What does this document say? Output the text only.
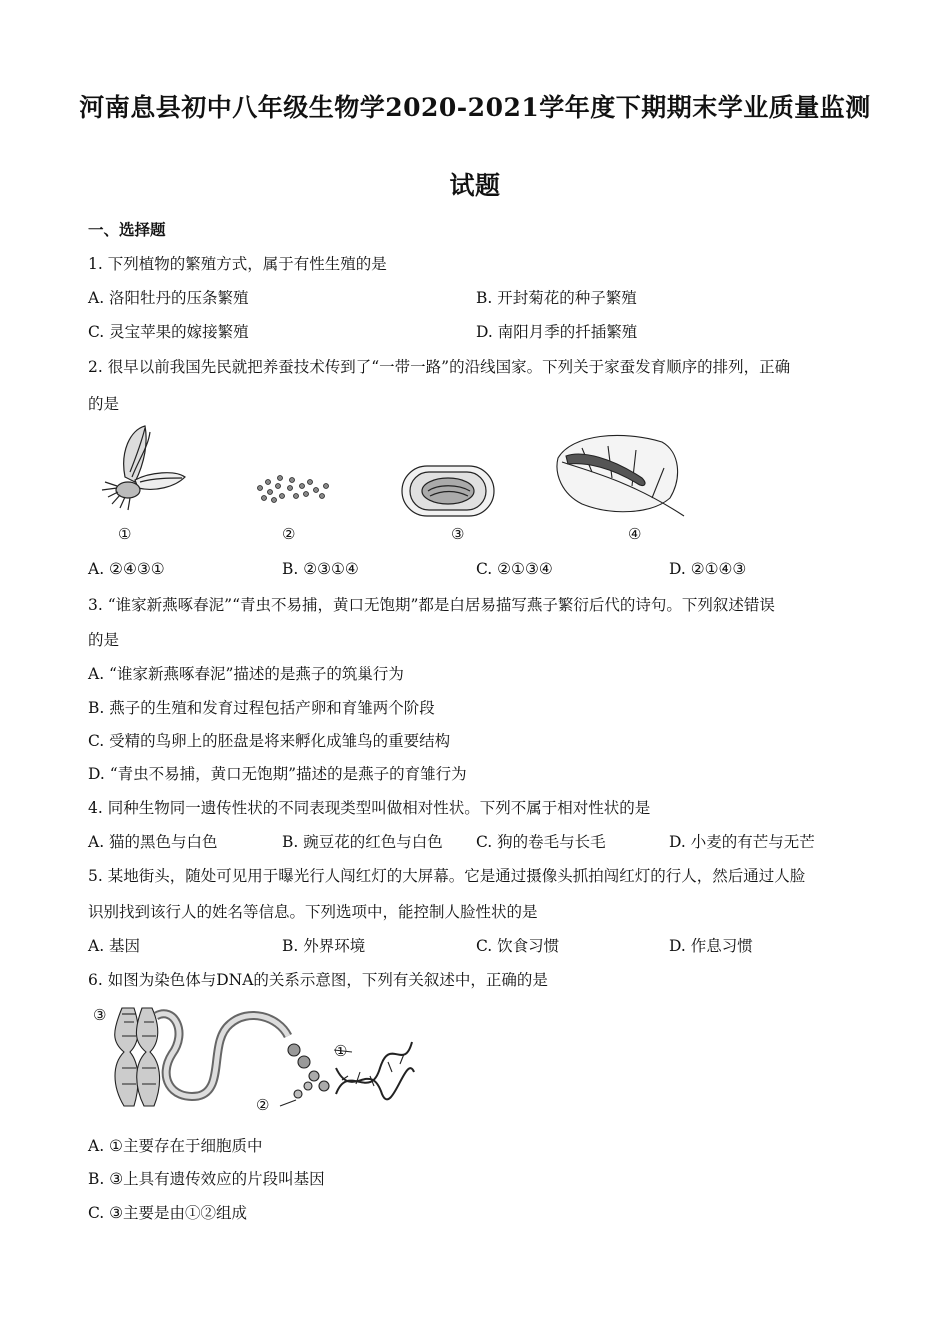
河南息县初中八年级生物学2020-2021学年度下期期末学业质量监测
试题
一、选择题
1. 下列植物的繁殖方式，属于有性生殖的是
A. 洛阳牡丹的压条繁殖	B. 开封菊花的种子繁殖
C. 灵宝苹果的嫁接繁殖	D. 南阳月季的扦插繁殖
2. 很早以前我国先民就把养蚕技术传到了“一带一路”的沿线国家。下列关于家蚕发育顺序的排列，正确
的是
①	②	③	④
A. ②④③①	B. ②③①④	C. ②①③④	D. ②①④③
3. “谁家新燕啄春泥”“青虫不易捕，黄口无饱期”都是白居易描写燕子繁衍后代的诗句。下列叙述错误
的是
A. “谁家新燕啄春泥”描述的是燕子的筑巢行为
B. 燕子的生殖和发育过程包括产卵和育雏两个阶段
C. 受精的鸟卵上的胚盘是将来孵化成雏鸟的重要结构
D. “青虫不易捕，黄口无饱期”描述的是燕子的育雏行为
4. 同种生物同一遗传性状的不同表现类型叫做相对性状。下列不属于相对性状的是
A. 猫的黑色与白色	B. 豌豆花的红色与白色 C. 狗的卷毛与长毛	D. 小麦的有芒与无芒
5. 某地街头，随处可见用于曝光行人闯红灯的大屏幕。它是通过摄像头抓拍闯红灯的行人，然后通过人脸
识别找到该行人的姓名等信息。下列选项中，能控制人脸性状的是
A. 基因	B. 外界环境	C. 饮食习惯	D. 作息习惯
6. 如图为染色体与DNA的关系示意图，下列有关叙述中，正确的是
③
②
①
A. ①主要存在于细胞质中
B. ③上具有遗传效应的片段叫基因
C. ③主要是由①②组成
